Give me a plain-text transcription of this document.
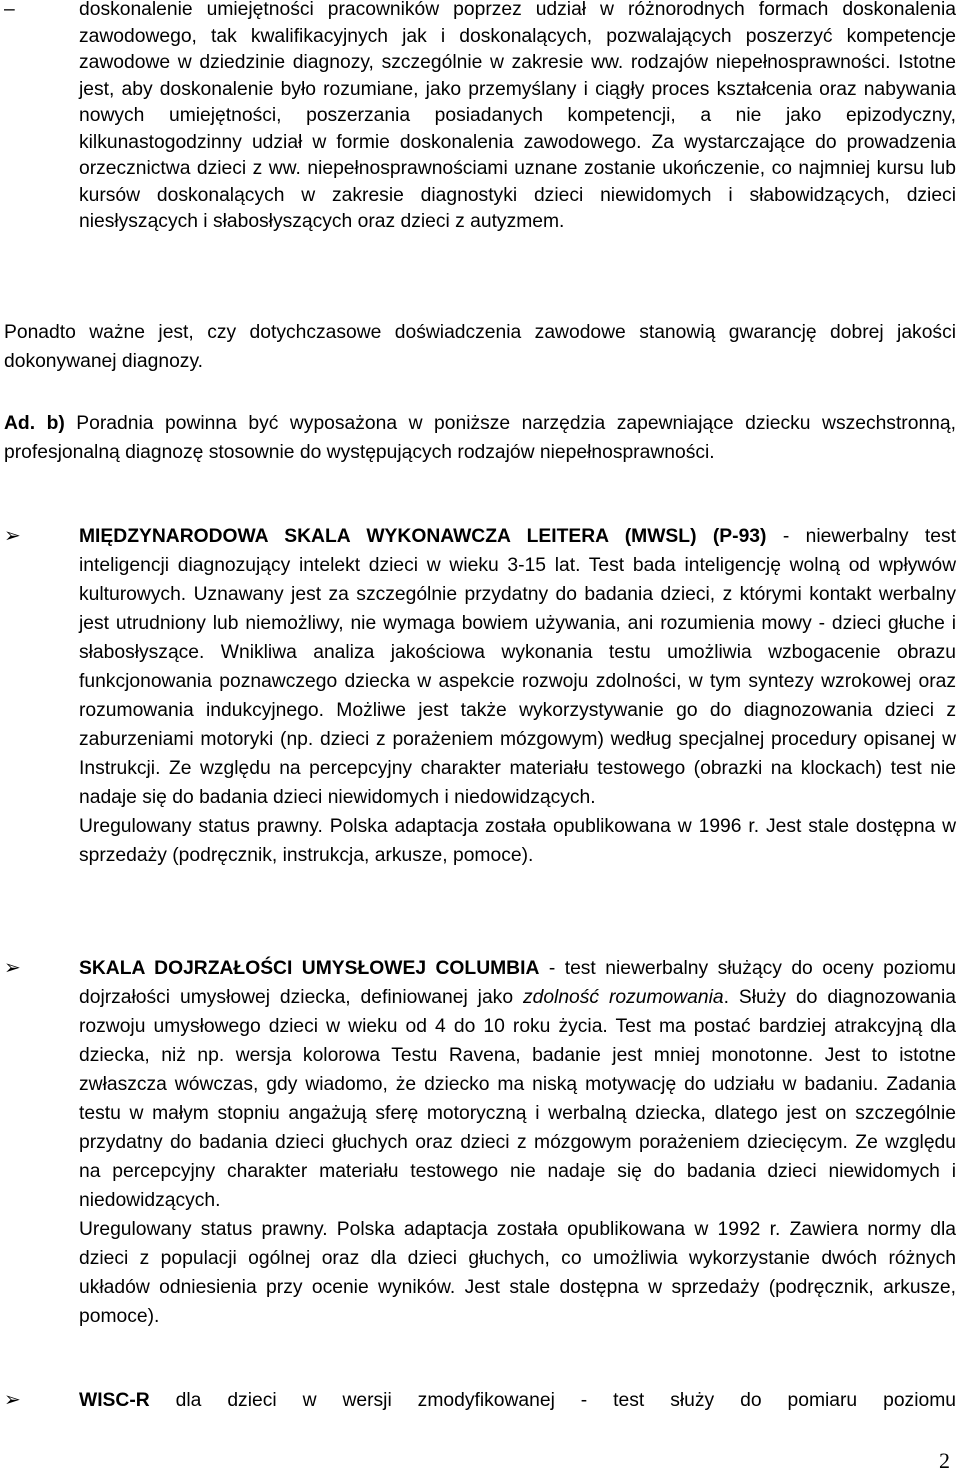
–	doskonalenie umiejętności pracowników poprzez udział w różnorodnych formach doskonalenia zawodowego, tak kwalifikacyjnych jak i doskonalących, pozwalających poszerzyć kompetencje zawodowe w dziedzinie diagnozy, szczególnie w zakresie ww. rodzajów niepełnosprawności. Istotne jest, aby doskonalenie było rozumiane, jako przemyślany i ciągły proces kształcenia oraz nabywania nowych umiejętności, poszerzania posiadanych kompetencji, a nie jako epizodyczny, kilkunastogodzinny udział w formie doskonalenia zawodowego. Za wystarczające do prowadzenia orzecznictwa dzieci z ww. niepełnosprawnościami uznane zostanie ukończenie, co najmniej kursu lub kursów doskonalących w zakresie diagnostyki dzieci niewidomych i słabowidzących, dzieci niesłyszących i słabosłyszących oraz dzieci z autyzmem.

Ponadto ważne jest, czy dotychczasowe doświadczenia zawodowe stanowią gwarancję dobrej jakości dokonywanej diagnozy.

Ad. b) Poradnia powinna być wyposażona w poniższe narzędzia zapewniające dziecku wszechstronną, profesjonalną diagnozę stosownie do występujących rodzajów niepełnosprawności.

➢	MIĘDZYNARODOWA SKALA WYKONAWCZA LEITERA (MWSL) (P-93) - niewerbalny test inteligencji diagnozujący intelekt dzieci w wieku 3-15 lat. Test bada inteligencję wolną od wpływów kulturowych. Uznawany jest za szczególnie przydatny do badania dzieci, z którymi kontakt werbalny jest utrudniony lub niemożliwy, nie wymaga bowiem używania, ani rozumienia mowy - dzieci głuche i słabosłyszące. Wnikliwa analiza jakościowa wykonania testu umożliwia wzbogacenie obrazu funkcjonowania poznawczego dziecka w aspekcie rozwoju zdolności, w tym syntezy wzrokowej oraz rozumowania indukcyjnego. Możliwe jest także wykorzystywanie go do diagnozowania dzieci z zaburzeniami motoryki (np. dzieci z porażeniem mózgowym) według specjalnej procedury opisanej w Instrukcji. Ze względu na percepcyjny charakter materiału testowego (obrazki na klockach) test nie nadaje się do badania dzieci niewidomych i niedowidzących.
Uregulowany status prawny. Polska adaptacja została opublikowana w 1996 r. Jest stale dostępna w sprzedaży (podręcznik, instrukcja, arkusze, pomoce).
➢	SKALA DOJRZAŁOŚCI UMYSŁOWEJ COLUMBIA - test niewerbalny służący do oceny poziomu dojrzałości umysłowej dziecka, definiowanej jako zdolność rozumowania. Służy do diagnozowania rozwoju umysłowego dzieci w wieku od 4 do 10 roku życia. Test ma postać bardziej atrakcyjną dla dziecka, niż np. wersja kolorowa Testu Ravena, badanie jest mniej monotonne. Jest to istotne zwłaszcza wówczas, gdy wiadomo, że dziecko ma niską motywację do udziału w badaniu. Zadania testu w małym stopniu angażują sferę motoryczną i werbalną dziecka, dlatego jest on szczególnie przydatny do badania dzieci głuchych oraz dzieci z mózgowym porażeniem dziecięcym. Ze względu na percepcyjny charakter materiału testowego nie nadaje się do badania dzieci niewidomych i niedowidzących.
Uregulowany status prawny. Polska adaptacja została opublikowana w 1992 r. Zawiera normy dla dzieci z populacji ogólnej oraz dla dzieci głuchych, co umożliwia wykorzystanie dwóch różnych układów odniesienia przy ocenie wyników. Jest stale dostępna w sprzedaży (podręcznik, arkusze, pomoce).
➢	WISC-R dla dzieci w wersji zmodyfikowanej - test służy do pomiaru poziomu
2
